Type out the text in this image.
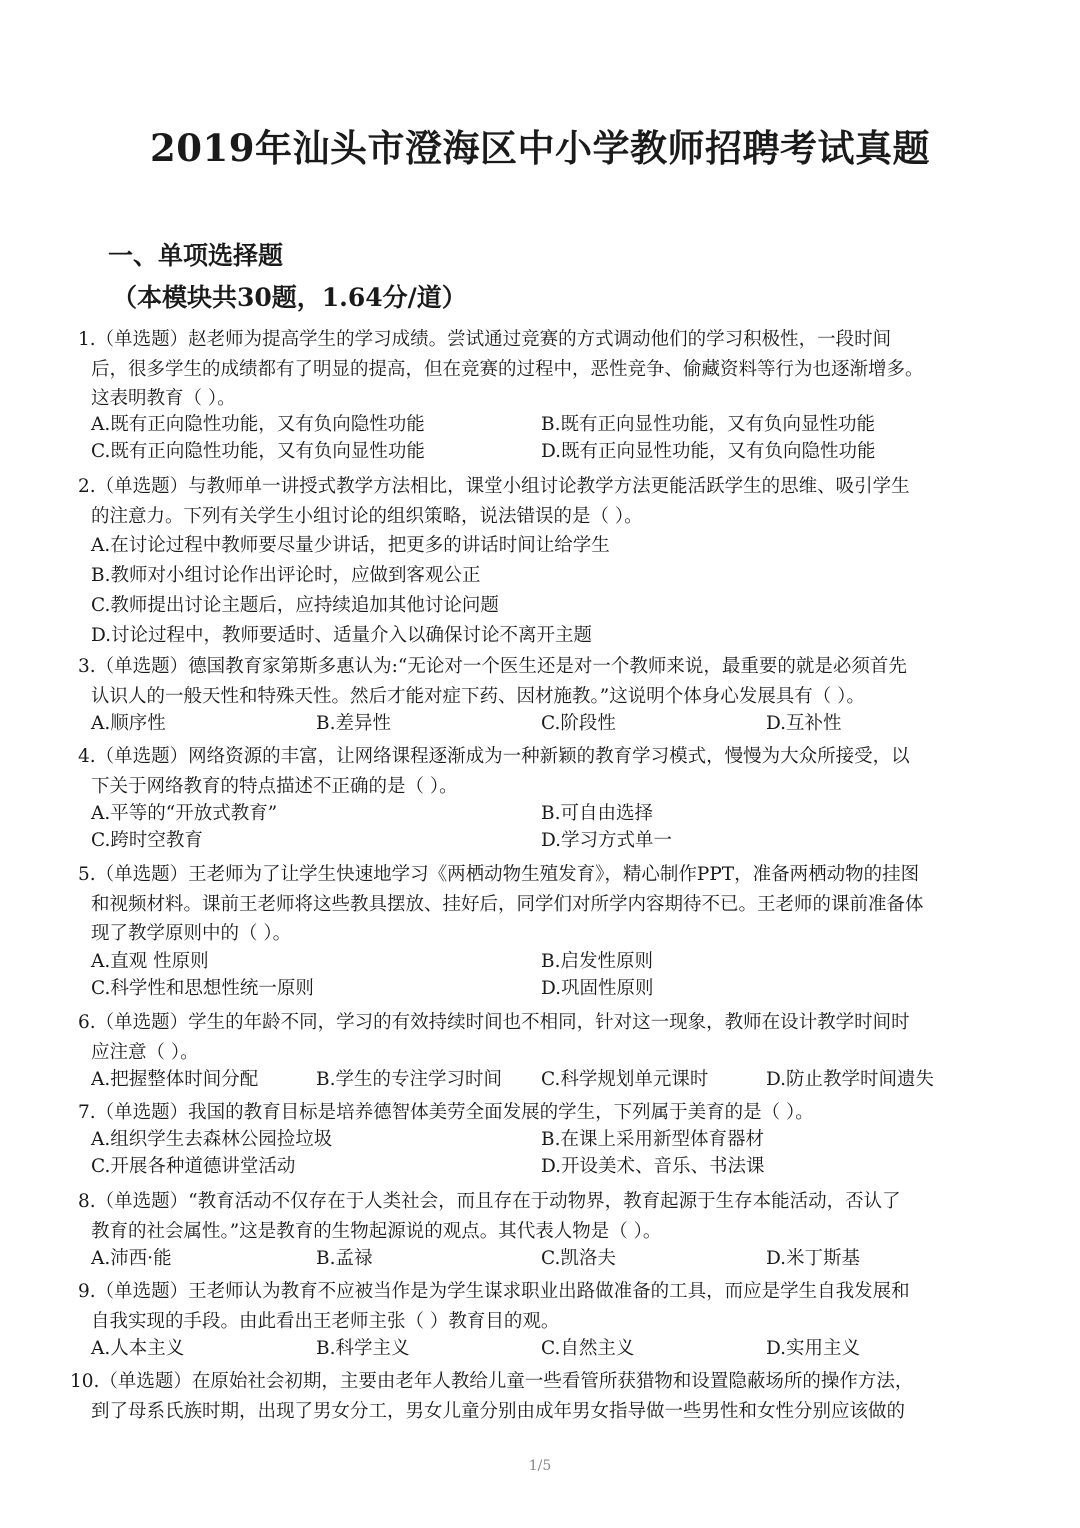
2019年汕头市澄海区中小学教师招聘考试真题
一、单项选择题
（本模块共30题，1.64分/道）
1.（单选题）赵老师为提高学生的学习成绩。尝试通过竞赛的方式调动他们的学习积极性，一段时间
后，很多学生的成绩都有了明显的提高，但在竞赛的过程中，恶性竞争、偷藏资料等行为也逐渐增多。
这表明教育（ ）。
A.既有正向隐性功能，又有负向隐性功能	B.既有正向显性功能，又有负向显性功能
C.既有正向隐性功能，又有负向显性功能	D.既有正向显性功能，又有负向隐性功能
2.（单选题）与教师单一讲授式教学方法相比，课堂小组讨论教学方法更能活跃学生的思维、吸引学生
的注意力。下列有关学生小组讨论的组织策略，说法错误的是（ ）。
A.在讨论过程中教师要尽量少讲话，把更多的讲话时间让给学生
B.教师对小组讨论作出评论时，应做到客观公正
C.教师提出讨论主题后，应持续追加其他讨论问题
D.讨论过程中，教师要适时、适量介入以确保讨论不离开主题
3.（单选题）德国教育家第斯多惠认为:“无论对一个医生还是对一个教师来说，最重要的就是必须首先
认识人的一般天性和特殊天性。然后才能对症下药、因材施教。”这说明个体身心发展具有（ ）。
A.顺序性	B.差异性	C.阶段性	D.互补性
4.（单选题）网络资源的丰富，让网络课程逐渐成为一种新颖的教育学习模式，慢慢为大众所接受，以
下关于网络教育的特点描述不正确的是（ ）。
A.平等的“开放式教育”	B.可自由选择
C.跨时空教育	D.学习方式单一
5.（单选题）王老师为了让学生快速地学习《两栖动物生殖发育》，精心制作PPT，准备两栖动物的挂图
和视频材料。课前王老师将这些教具摆放、挂好后，同学们对所学内容期待不已。王老师的课前准备体
现了教学原则中的（ ）。
A.直观 性原则	B.启发性原则
C.科学性和思想性统一原则	D.巩固性原则
6.（单选题）学生的年龄不同，学习的有效持续时间也不相同，针对这一现象，教师在设计教学时间时
应注意（ ）。
A.把握整体时间分配	B.学生的专注学习时间 C.科学规划单元课时	D.防止教学时间遗失
7.（单选题）我国的教育目标是培养德智体美劳全面发展的学生，下列属于美育的是（ ）。
A.组织学生去森林公园捡垃圾	B.在课上采用新型体育器材
C.开展各种道德讲堂活动	D.开设美术、音乐、书法课
8.（单选题）“教育活动不仅存在于人类社会，而且存在于动物界，教育起源于生存本能活动，否认了
教育的社会属性。”这是教育的生物起源说的观点。其代表人物是（ ）。
A.沛西·能	B.孟禄	C.凯洛夫	D.米丁斯基
9.（单选题）王老师认为教育不应被当作是为学生谋求职业出路做准备的工具，而应是学生自我发展和
自我实现的手段。由此看出王老师主张（ ）教育目的观。
A.人本主义	B.科学主义	C.自然主义	D.实用主义
10.（单选题）在原始社会初期，主要由老年人教给儿童一些看管所获猎物和设置隐蔽场所的操作方法，
到了母系氏族时期，出现了男女分工，男女儿童分别由成年男女指导做一些男性和女性分别应该做的
1/5
